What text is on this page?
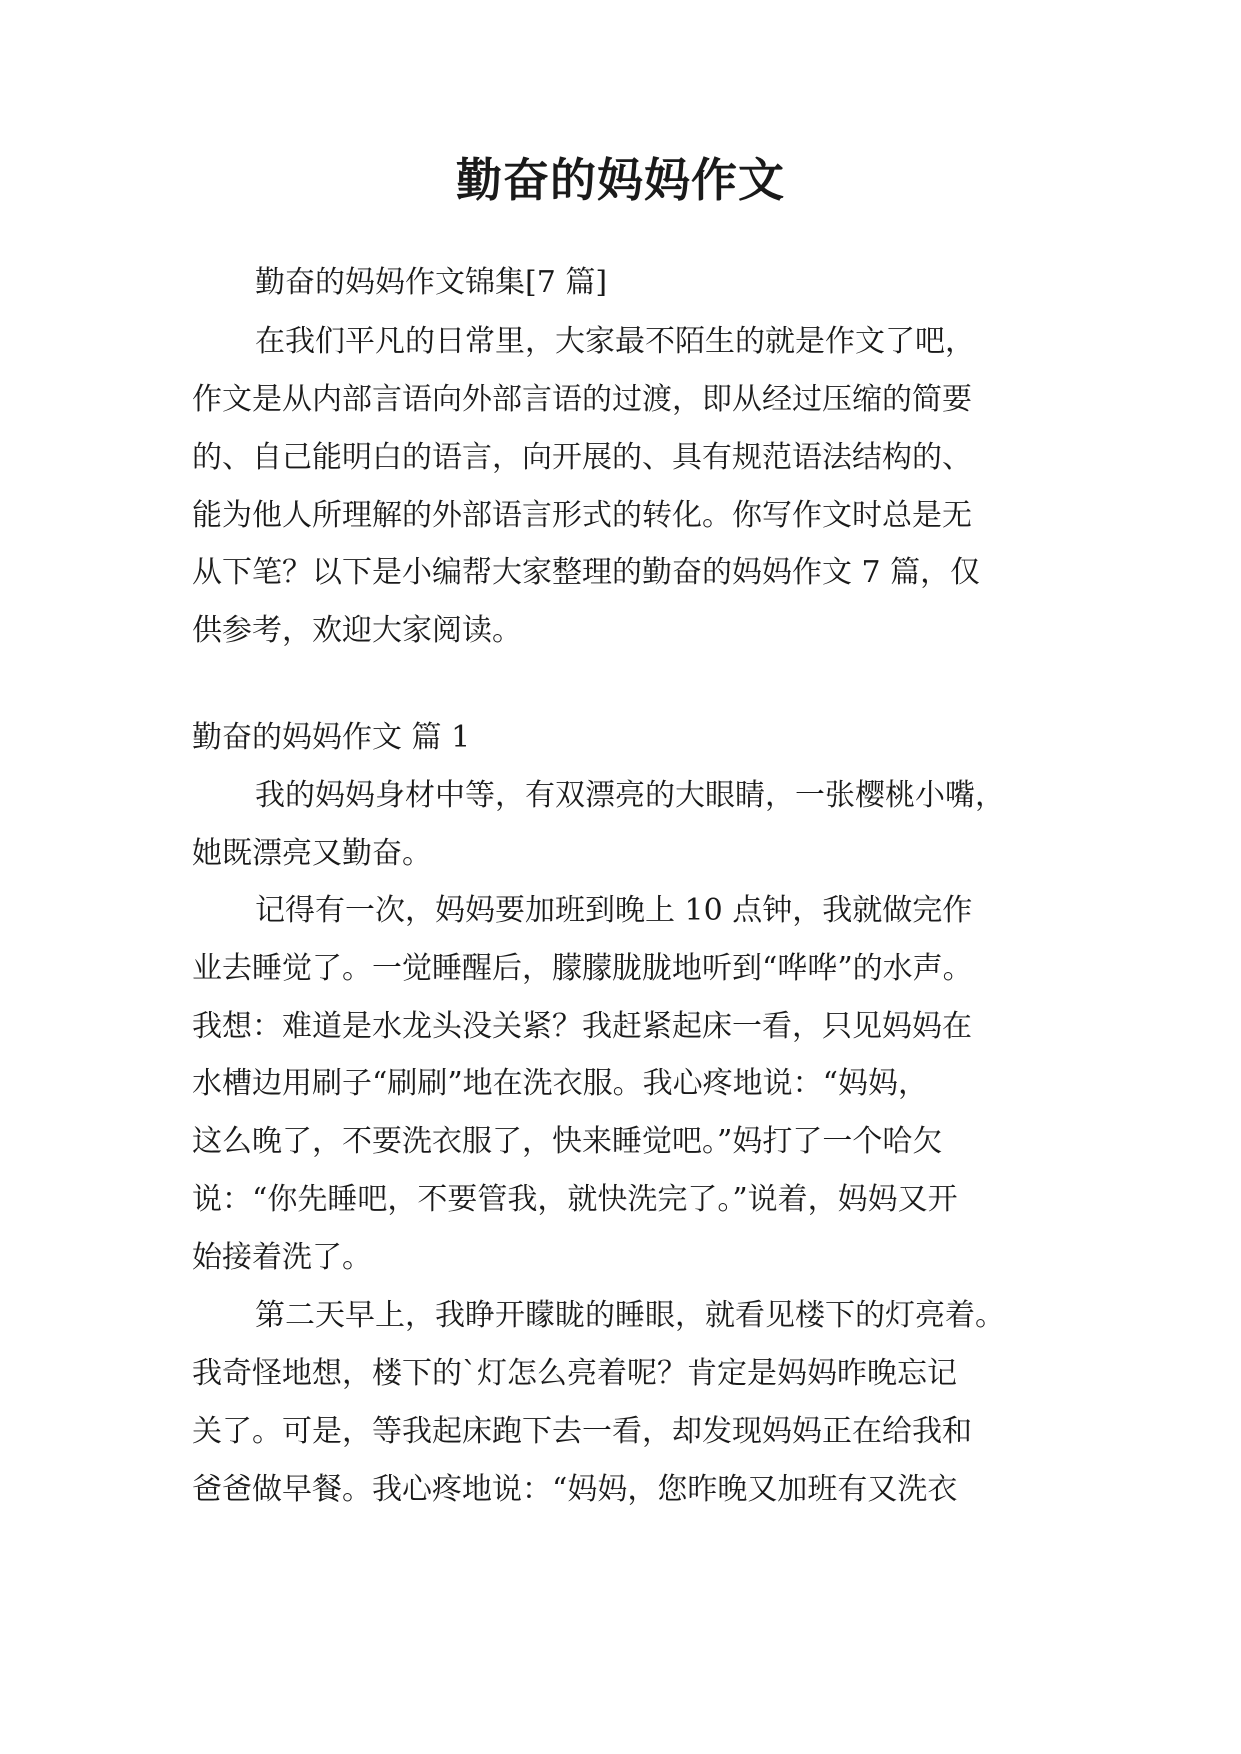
勤奋的妈妈作文

勤奋的妈妈作文锦集[7 篇]

在我们平凡的日常里，大家最不陌生的就是作文了吧，

作文是从内部言语向外部言语的过渡，即从经过压缩的简要

的、自己能明白的语言，向开展的、具有规范语法结构的、

能为他人所理解的外部语言形式的转化。你写作文时总是无

从下笔？以下是小编帮大家整理的勤奋的妈妈作文 7 篇，仅

供参考，欢迎大家阅读。

勤奋的妈妈作文 篇 1

我的妈妈身材中等，有双漂亮的大眼睛，一张樱桃小嘴，

她既漂亮又勤奋。

记得有一次，妈妈要加班到晚上 10 点钟，我就做完作

业去睡觉了。一觉睡醒后，朦朦胧胧地听到“哗哗”的水声。

我想：难道是水龙头没关紧？我赶紧起床一看，只见妈妈在

水槽边用刷子“刷刷”地在洗衣服。我心疼地说：“妈妈，

这么晚了，不要洗衣服了，快来睡觉吧。”妈打了一个哈欠

说：“你先睡吧，不要管我，就快洗完了。”说着，妈妈又开

始接着洗了。

第二天早上，我睁开矇眬的睡眼，就看见楼下的灯亮着。

我奇怪地想，楼下的`灯怎么亮着呢？肯定是妈妈昨晚忘记

关了。可是，等我起床跑下去一看，却发现妈妈正在给我和

爸爸做早餐。我心疼地说：“妈妈，您昨晚又加班有又洗衣
